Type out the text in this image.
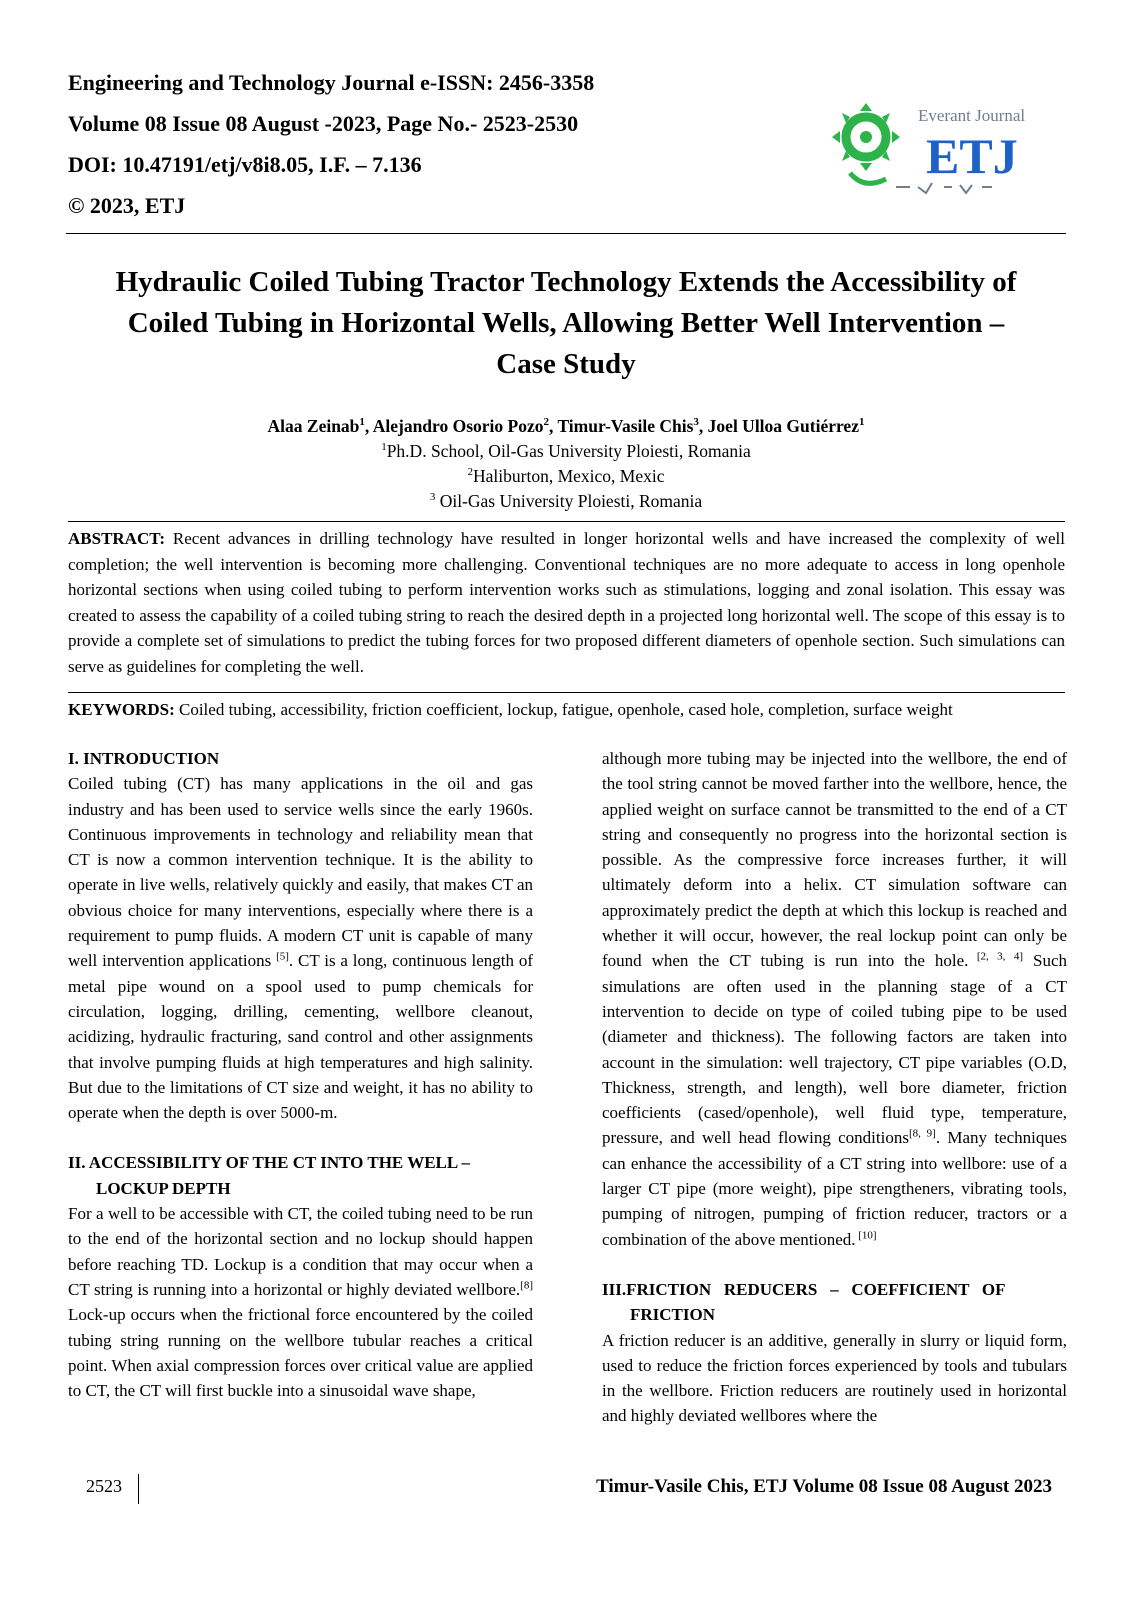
Engineering and Technology Journal e-ISSN: 2456-3358
Volume 08 Issue 08 August -2023, Page No.- 2523-2530
DOI: 10.47191/etj/v8i8.05, I.F. – 7.136
© 2023, ETJ
Everant Journal
ETJ
Hydraulic Coiled Tubing Tractor Technology Extends the Accessibility of
Coiled Tubing in Horizontal Wells, Allowing Better Well Intervention –
Case Study
Alaa Zeinab$^1$, Alejandro Osorio Pozo$^2$, Timur-Vasile Chis$^3$, Joel Ulloa Gutiérrez$^1$
$^1$Ph.D. School, Oil-Gas University Ploiesti, Romania
$^2$Haliburton, Mexico, Mexic
$^3$ Oil-Gas University Ploiesti, Romania
ABSTRACT: Recent advances in drilling technology have resulted in longer horizontal wells and have increased the complexity of well completion; the well intervention is becoming more challenging. Conventional techniques are no more adequate to access in long openhole horizontal sections when using coiled tubing to perform intervention works such as stimulations, logging and zonal isolation. This essay was created to assess the capability of a coiled tubing string to reach the desired depth in a projected long horizontal well. The scope of this essay is to provide a complete set of simulations to predict the tubing forces for two proposed different diameters of openhole section. Such simulations can serve as guidelines for completing the well.
KEYWORDS: Coiled tubing, accessibility, friction coefficient, lockup, fatigue, openhole, cased hole, completion, surface weight

I. INTRODUCTION

Coiled tubing (CT) has many applications in the oil and gas industry and has been used to service wells since the early 1960s. Continuous improvements in technology and reliability mean that CT is now a common intervention technique. It is the ability to operate in live wells, relatively quickly and easily, that makes CT an obvious choice for many interventions, especially where there is a requirement to pump fluids. A modern CT unit is capable of many well intervention applications [5]. CT is a long, continuous length of metal pipe wound on a spool used to pump chemicals for circulation, logging, drilling, cementing, wellbore cleanout, acidizing, hydraulic fracturing, sand control and other assignments that involve pumping fluids at high temperatures and high salinity. But due to the limitations of CT size and weight, it has no ability to operate when the depth is over 5000-m.

II. ACCESSIBILITY OF THE CT INTO THE WELL –
LOCKUP DEPTH

For a well to be accessible with CT, the coiled tubing need to be run to the end of the horizontal section and no lockup should happen before reaching TD. Lockup is a condition that may occur when a CT string is running into a horizontal or highly deviated wellbore.[8] Lock-up occurs when the frictional force encountered by the coiled tubing string running on the wellbore tubular reaches a critical point. When axial compression forces over critical value are applied to CT, the CT will first buckle into a sinusoidal wave shape,

although more tubing may be injected into the wellbore, the end of the tool string cannot be moved farther into the wellbore, hence, the applied weight on surface cannot be transmitted to the end of a CT string and consequently no progress into the horizontal section is possible. As the compressive force increases further, it will ultimately deform into a helix. CT simulation software can approximately predict the depth at which this lockup is reached and whether it will occur, however, the real lockup point can only be found when the CT tubing is run into the hole. [2, 3, 4] Such simulations are often used in the planning stage of a CT intervention to decide on type of coiled tubing pipe to be used (diameter and thickness). The following factors are taken into account in the simulation: well trajectory, CT pipe variables (O.D, Thickness, strength, and length), well bore diameter, friction coefficients (cased/openhole), well fluid type, temperature, pressure, and well head flowing conditions[8, 9]. Many techniques can enhance the accessibility of a CT string into wellbore: use of a larger CT pipe (more weight), pipe strengtheners, vibrating tools, pumping of nitrogen, pumping of friction reducer, tractors or a combination of the above mentioned. [10]

III.FRICTION   REDUCERS   –   COEFFICIENT   OF
FRICTION

A friction reducer is an additive, generally in slurry or liquid form, used to reduce the friction forces experienced by tools and tubulars in the wellbore. Friction reducers are routinely used in horizontal and highly deviated wellbores where the

2523	Timur-Vasile Chis, ETJ Volume 08 Issue 08 August 2023
